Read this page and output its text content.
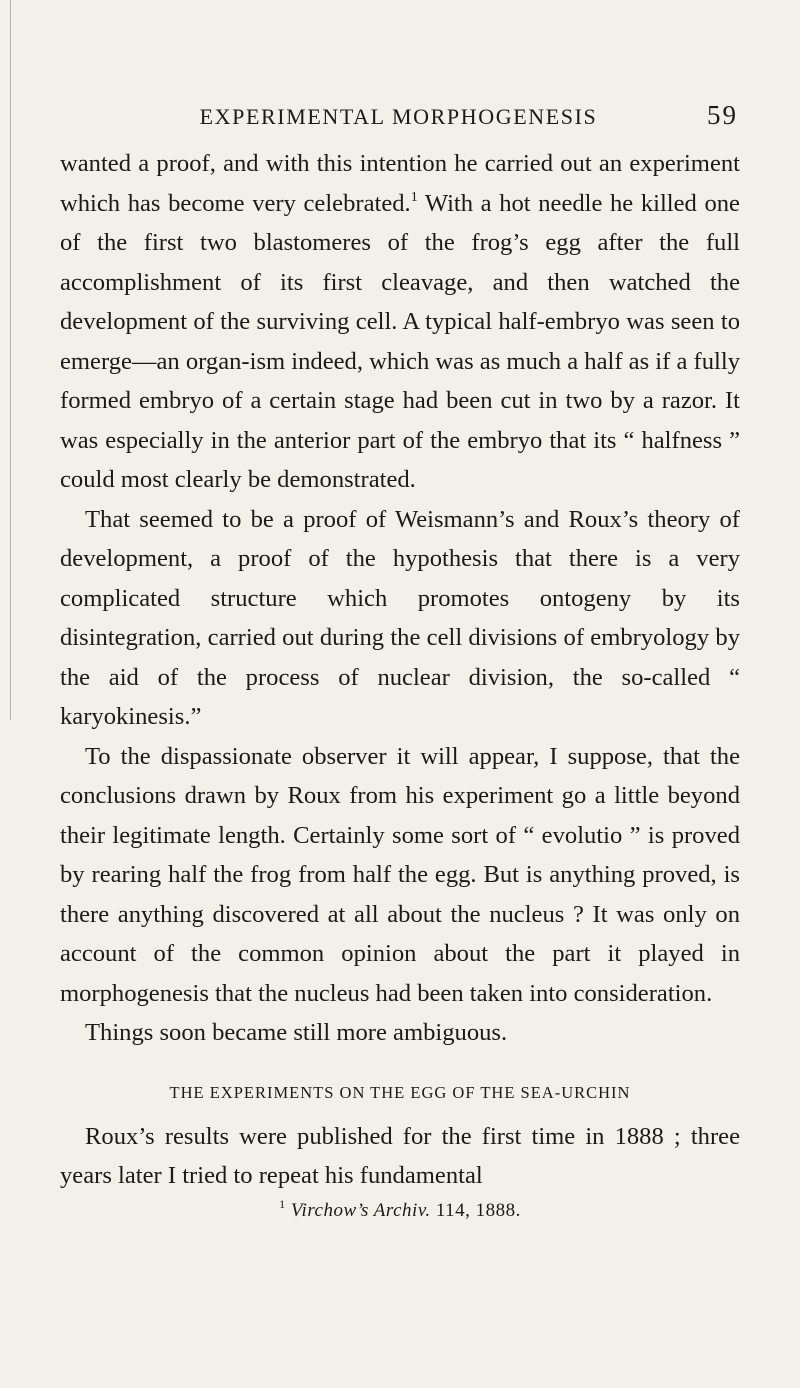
EXPERIMENTAL MORPHOGENESIS	59

wanted a proof, and with this intention he carried out an experiment which has become very celebrated.$^1$ With a hot needle he killed one of the first two blastomeres of the frog’s egg after the full accomplishment of its first cleavage, and then watched the development of the surviving cell. A typical half-embryo was seen to emerge—an organ-ism indeed, which was as much a half as if a fully formed embryo of a certain stage had been cut in two by a razor. It was especially in the anterior part of the embryo that its “ halfness ” could most clearly be demonstrated.

That seemed to be a proof of Weismann’s and Roux’s theory of development, a proof of the hypothesis that there is a very complicated structure which promotes ontogeny by its disintegration, carried out during the cell divisions of embryology by the aid of the process of nuclear division, the so-called “ karyokinesis.”

To the dispassionate observer it will appear, I suppose, that the conclusions drawn by Roux from his experiment go a little beyond their legitimate length. Certainly some sort of “ evolutio ” is proved by rearing half the frog from half the egg. But is anything proved, is there anything discovered at all about the nucleus ? It was only on account of the common opinion about the part it played in morphogenesis that the nucleus had been taken into consideration.

Things soon became still more ambiguous.

THE EXPERIMENTS ON THE EGG OF THE SEA-URCHIN

Roux’s results were published for the first time in 1888 ; three years later I tried to repeat his fundamental

$^1$ Virchow’s Archiv. 114, 1888.
